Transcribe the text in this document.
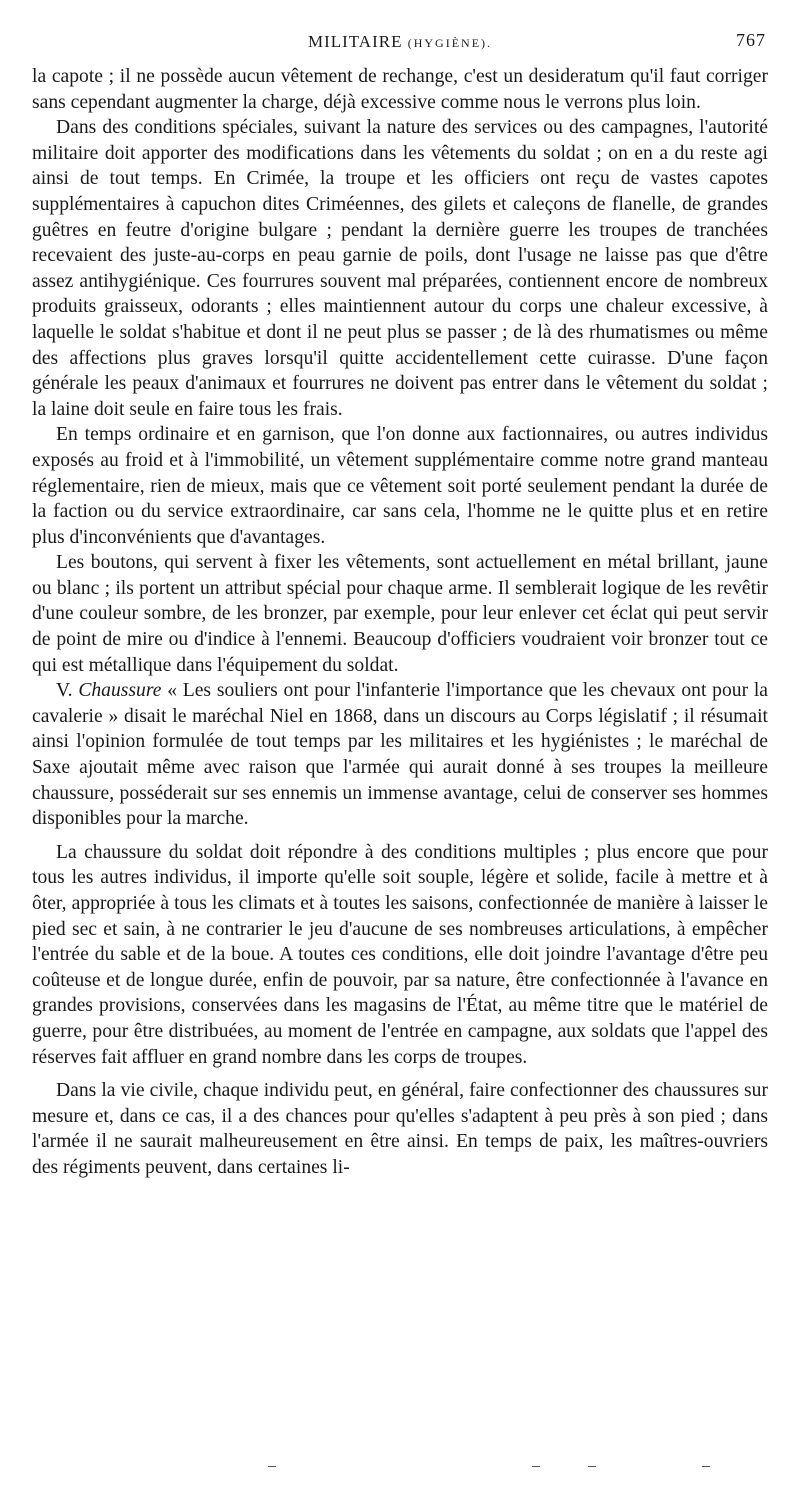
MILITAIRE (HYGIÈNE).	767

la capote ; il ne possède aucun vêtement de rechange, c'est un desideratum qu'il faut corriger sans cependant augmenter la charge, déjà excessive comme nous le verrons plus loin.

Dans des conditions spéciales, suivant la nature des services ou des campagnes, l'autorité militaire doit apporter des modifications dans les vêtements du soldat ; on en a du reste agi ainsi de tout temps. En Crimée, la troupe et les officiers ont reçu de vastes capotes supplémentaires à capuchon dites Criméennes, des gilets et caleçons de flanelle, de grandes guêtres en feutre d'origine bulgare ; pendant la dernière guerre les troupes de tranchées recevaient des juste-au-corps en peau garnie de poils, dont l'usage ne laisse pas que d'être assez antihygiénique. Ces fourrures souvent mal préparées, contiennent encore de nombreux produits graisseux, odorants ; elles maintiennent autour du corps une chaleur excessive, à laquelle le soldat s'habitue et dont il ne peut plus se passer ; de là des rhumatismes ou même des affections plus graves lorsqu'il quitte accidentellement cette cuirasse. D'une façon générale les peaux d'animaux et fourrures ne doivent pas entrer dans le vêtement du soldat ; la laine doit seule en faire tous les frais.

En temps ordinaire et en garnison, que l'on donne aux factionnaires, ou autres individus exposés au froid et à l'immobilité, un vêtement supplémentaire comme notre grand manteau réglementaire, rien de mieux, mais que ce vêtement soit porté seulement pendant la durée de la faction ou du service extraordinaire, car sans cela, l'homme ne le quitte plus et en retire plus d'inconvénients que d'avantages.

Les boutons, qui servent à fixer les vêtements, sont actuellement en métal brillant, jaune ou blanc ; ils portent un attribut spécial pour chaque arme. Il semblerait logique de les revêtir d'une couleur sombre, de les bronzer, par exemple, pour leur enlever cet éclat qui peut servir de point de mire ou d'indice à l'ennemi. Beaucoup d'officiers voudraient voir bronzer tout ce qui est métallique dans l'équipement du soldat.

V. Chaussure « Les souliers ont pour l'infanterie l'importance que les chevaux ont pour la cavalerie » disait le maréchal Niel en 1868, dans un discours au Corps législatif ; il résumait ainsi l'opinion formulée de tout temps par les militaires et les hygiénistes ; le maréchal de Saxe ajoutait même avec raison que l'armée qui aurait donné à ses troupes la meilleure chaussure, posséderait sur ses ennemis un immense avantage, celui de conserver ses hommes disponibles pour la marche.

La chaussure du soldat doit répondre à des conditions multiples ; plus encore que pour tous les autres individus, il importe qu'elle soit souple, légère et solide, facile à mettre et à ôter, appropriée à tous les climats et à toutes les saisons, confectionnée de manière à laisser le pied sec et sain, à ne contrarier le jeu d'aucune de ses nombreuses articulations, à empêcher l'entrée du sable et de la boue. A toutes ces conditions, elle doit joindre l'avantage d'être peu coûteuse et de longue durée, enfin de pouvoir, par sa nature, être confectionnée à l'avance en grandes provisions, conservées dans les magasins de l'État, au même titre que le matériel de guerre, pour être distribuées, au moment de l'entrée en campagne, aux soldats que l'appel des réserves fait affluer en grand nombre dans les corps de troupes.

Dans la vie civile, chaque individu peut, en général, faire confectionner des chaussures sur mesure et, dans ce cas, il a des chances pour qu'elles s'adaptent à peu près à son pied ; dans l'armée il ne saurait malheureusement en être ainsi. En temps de paix, les maîtres-ouvriers des régiments peuvent, dans certaines li-
